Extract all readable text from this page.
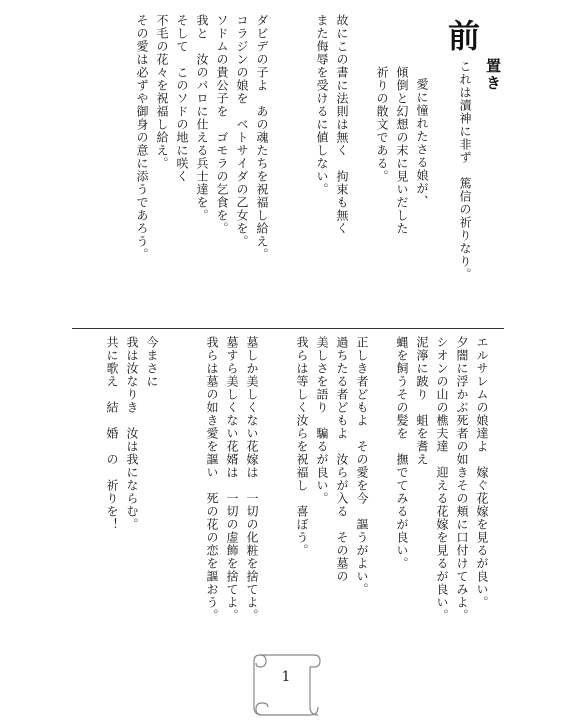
前
置き
これは瀆神に非ず　篤信の祈りなり。
愛に憧れたさる娘が、
傾倒と幻想の末に見いだした
祈りの散文である。
故にこの書に法則は無く　拘束も無く
また侮辱を受けるに値しない。
ダビデの子よ　あの魂たちを祝福し給え。
コラジンの娘を　ベトサイダの乙女を。
ソドムの貴公子を　ゴモラの乞食を。
我と　汝のパロに仕える兵士達を。
そして　このソドの地に咲く
不毛の花々を祝福し給え。
その愛は必ずや御身の意に添うであろう。
エルサレムの娘達よ　嫁ぐ花嫁を見るが良い。
夕闇に浮かぶ死者の如きその頬に口付けてみよ。
シオンの山の樵夫達　迎える花嫁を見るが良い。
泥濘に跛り　蛆を耆え
蝿を飼うその髪を　撫でてみるが良い。
正しき者どもよ　その愛を今　謳うがよい。
過ちたる者どもよ　汝らが入る　その墓の
美しさを語り　騙るが良い。
我らは等しく汝らを祝福し　喜ぼう。
墓しか美しくない花嫁は　一切の化粧を捨てよ。
墓すら美しくない花婿は　一切の虚飾を捨てよ。
我らは墓の如き愛を謳い　死の花の恋を謳おう。
今まさに
我は汝なりき　汝は我にならむ。
共に歌え　結　婚　の　祈りを！
1
